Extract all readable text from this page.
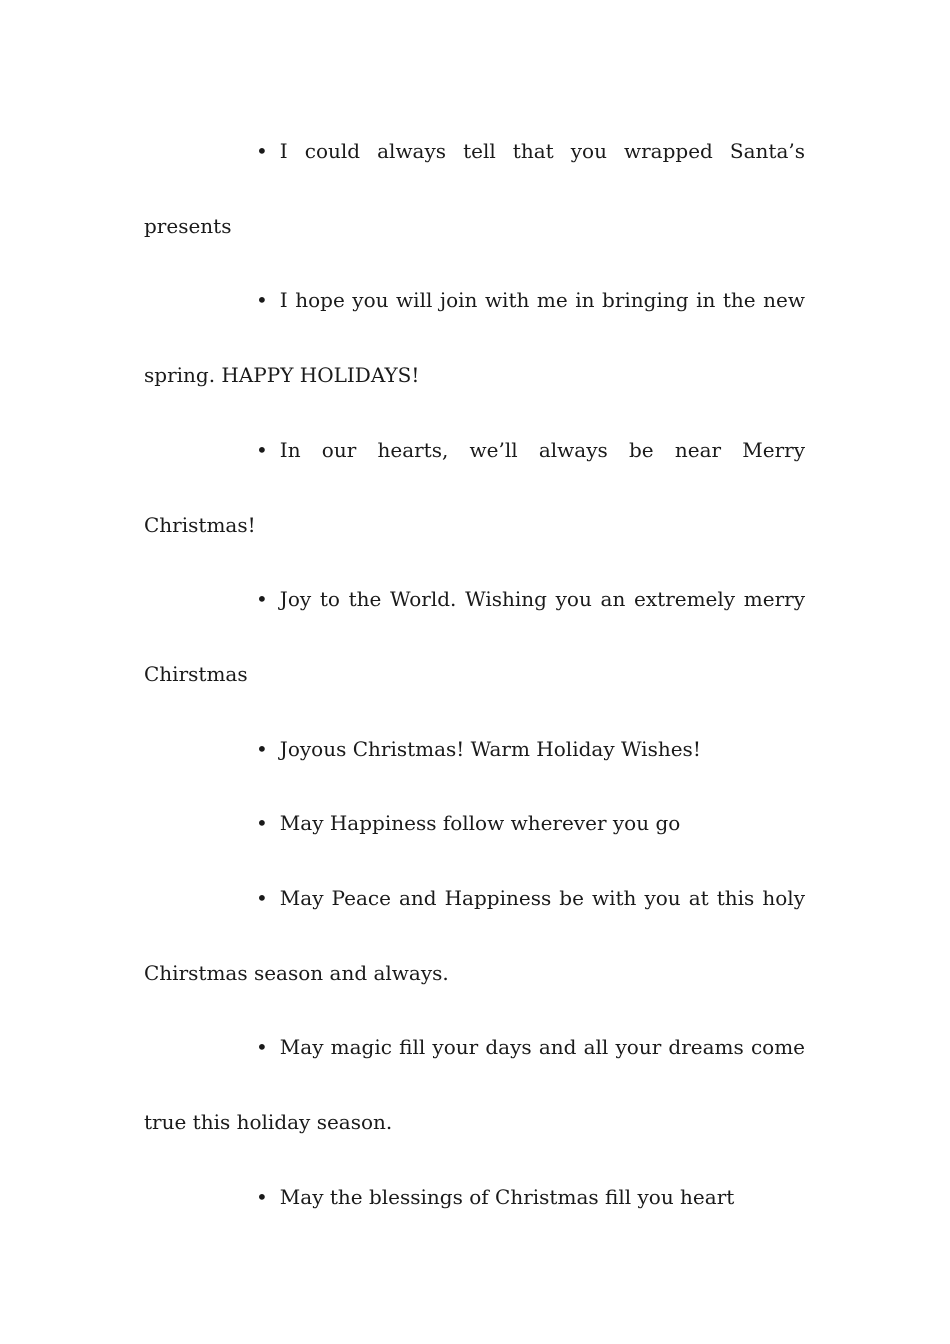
• I could always tell that you wrapped Santa’s presents

• I hope you will join with me in bringing in the new spring. HAPPY HOLIDAYS!

• In our hearts, we’ll always be near Merry Christmas!

• Joy to the World. Wishing you an extremely merry Chirstmas

• Joyous Christmas! Warm Holiday Wishes!

• May Happiness follow wherever you go

• May Peace and Happiness be with you at this holy Chirstmas season and always.

• May magic fill your days and all your dreams come true this holiday season.

• May the blessings of Christmas fill you heart
